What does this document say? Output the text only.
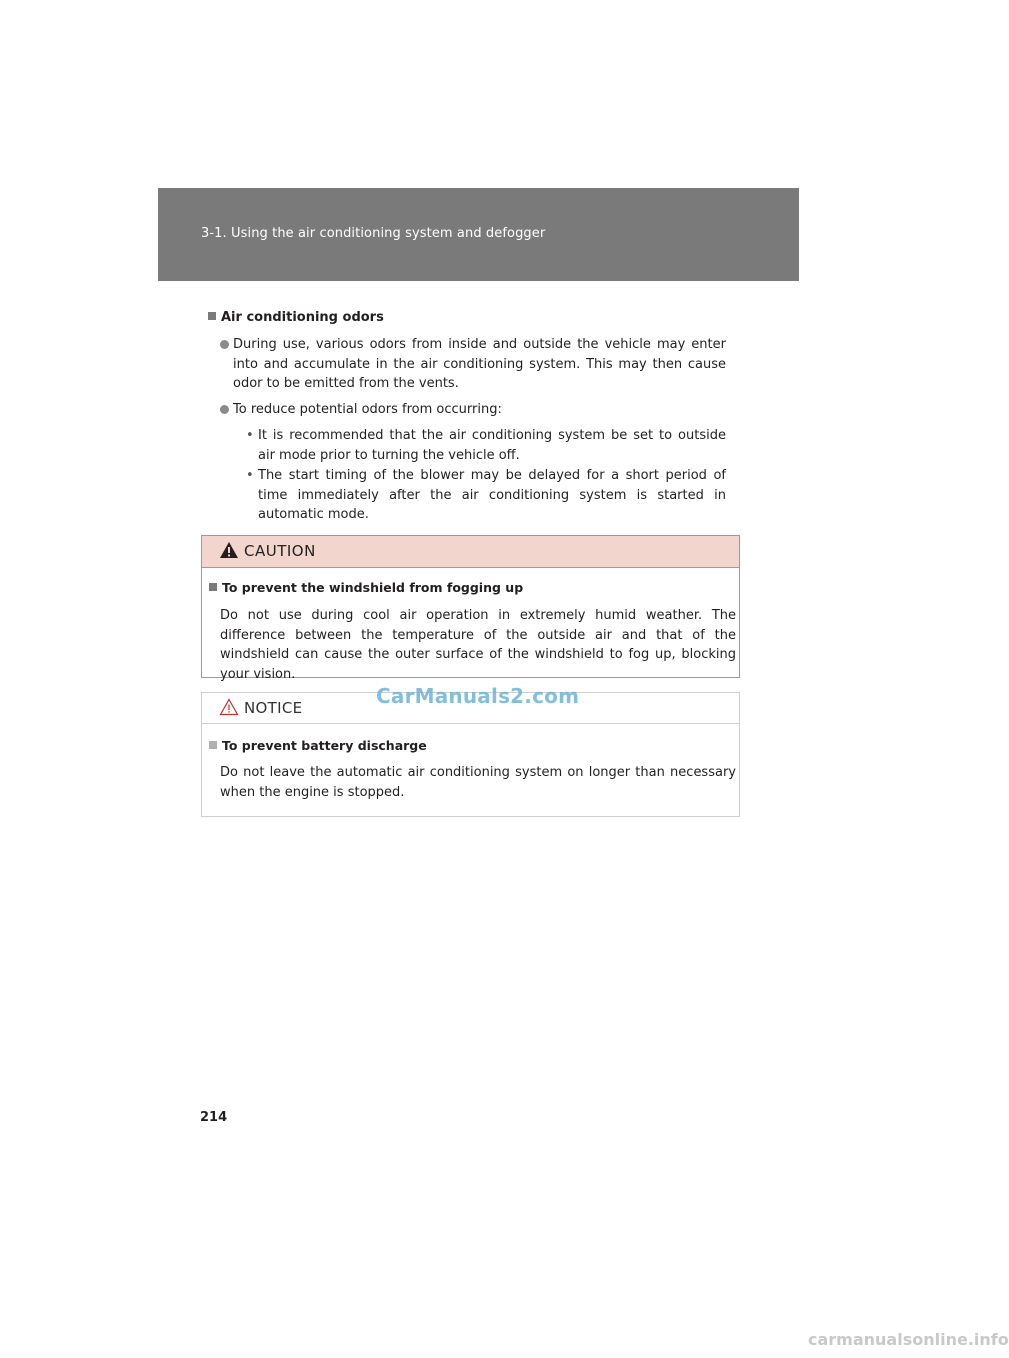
3-1. Using the air conditioning system and defogger
Air conditioning odors
During use, various odors from inside and outside the vehicle may enter into and accumulate in the air conditioning system. This may then cause odor to be emitted from the vents.
To reduce potential odors from occurring:
• It is recommended that the air conditioning system be set to outside air mode prior to turning the vehicle off.
• The start timing of the blower may be delayed for a short period of time immediately after the air conditioning system is started in automatic mode.
CAUTION
To prevent the windshield from fogging up
Do not use during cool air operation in extremely humid weather. The difference between the temperature of the outside air and that of the windshield can cause the outer surface of the windshield to fog up, blocking your vision.
NOTICE
To prevent battery discharge
Do not leave the automatic air conditioning system on longer than necessary when the engine is stopped.
CarManuals2.com
214
carmanualsonline.info
